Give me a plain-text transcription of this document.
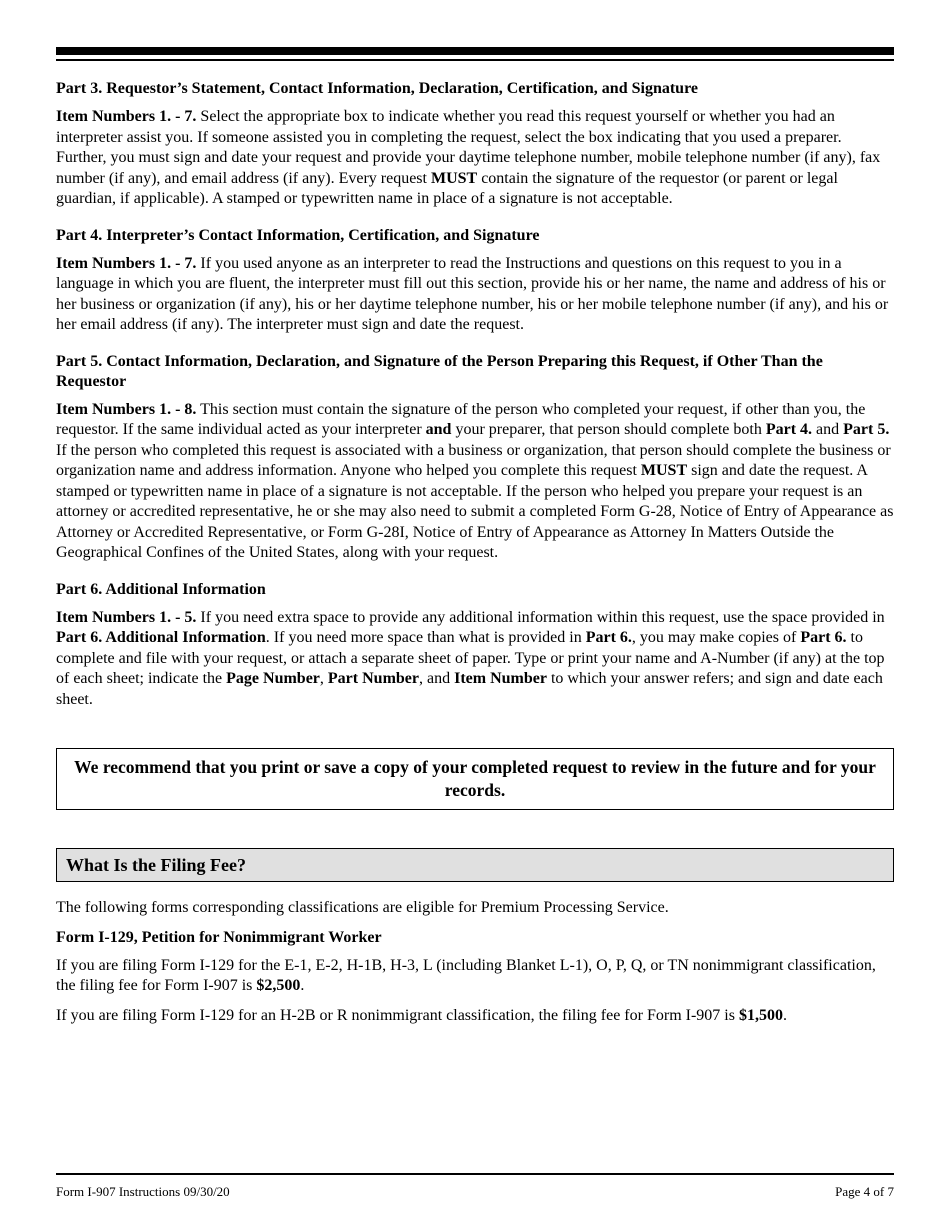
Part 3. Requestor’s Statement, Contact Information, Declaration, Certification, and Signature

Item Numbers 1. - 7. Select the appropriate box to indicate whether you read this request yourself or whether you had an interpreter assist you. If someone assisted you in completing the request, select the box indicating that you used a preparer. Further, you must sign and date your request and provide your daytime telephone number, mobile telephone number (if any), fax number (if any), and email address (if any). Every request MUST contain the signature of the requestor (or parent or legal guardian, if applicable). A stamped or typewritten name in place of a signature is not acceptable.

Part 4. Interpreter’s Contact Information, Certification, and Signature

Item Numbers 1. - 7. If you used anyone as an interpreter to read the Instructions and questions on this request to you in a language in which you are fluent, the interpreter must fill out this section, provide his or her name, the name and address of his or her business or organization (if any), his or her daytime telephone number, his or her mobile telephone number (if any), and his or her email address (if any). The interpreter must sign and date the request.

Part 5. Contact Information, Declaration, and Signature of the Person Preparing this Request, if Other Than the Requestor

Item Numbers 1. - 8. This section must contain the signature of the person who completed your request, if other than you, the requestor. If the same individual acted as your interpreter and your preparer, that person should complete both Part 4. and Part 5. If the person who completed this request is associated with a business or organization, that person should complete the business or organization name and address information. Anyone who helped you complete this request MUST sign and date the request. A stamped or typewritten name in place of a signature is not acceptable. If the person who helped you prepare your request is an attorney or accredited representative, he or she may also need to submit a completed Form G-28, Notice of Entry of Appearance as Attorney or Accredited Representative, or Form G-28I, Notice of Entry of Appearance as Attorney In Matters Outside the Geographical Confines of the United States, along with your request.

Part 6. Additional Information

Item Numbers 1. - 5. If you need extra space to provide any additional information within this request, use the space provided in Part 6. Additional Information. If you need more space than what is provided in Part 6., you may make copies of Part 6. to complete and file with your request, or attach a separate sheet of paper. Type or print your name and A-Number (if any) at the top of each sheet; indicate the Page Number, Part Number, and Item Number to which your answer refers; and sign and date each sheet.

We recommend that you print or save a copy of your completed request to review in the future and for your records.
What Is the Filing Fee?

The following forms corresponding classifications are eligible for Premium Processing Service.

Form I-129, Petition for Nonimmigrant Worker

If you are filing Form I-129 for the E-1, E-2, H-1B, H-3, L (including Blanket L-1), O, P, Q, or TN nonimmigrant classification, the filing fee for Form I-907 is $2,500.

If you are filing Form I-129 for an H-2B or R nonimmigrant classification, the filing fee for Form I-907 is $1,500.

Form I-907 Instructions 09/30/20	Page 4 of 7
